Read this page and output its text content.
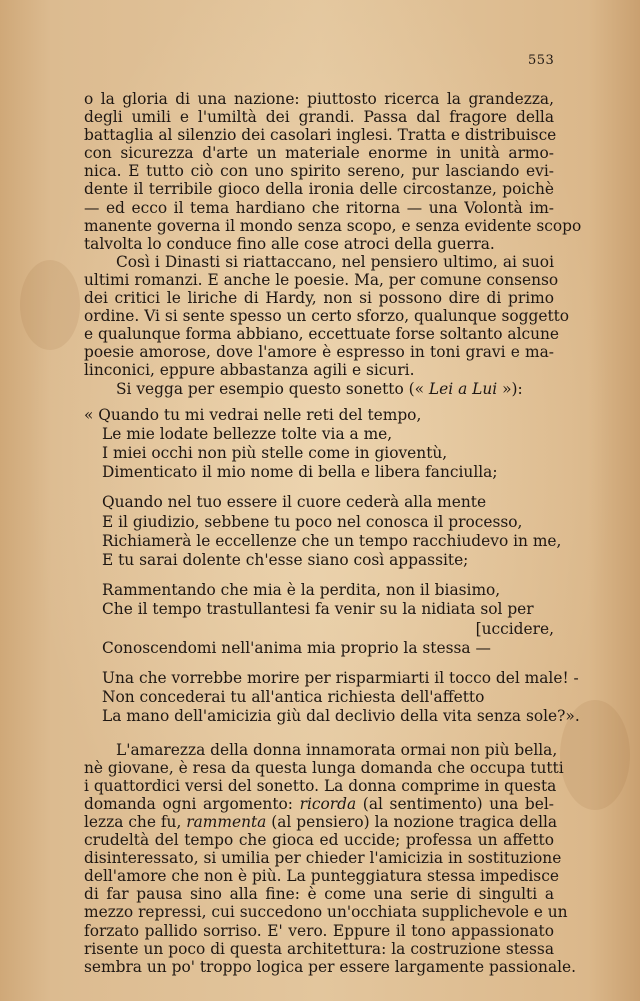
553

o la gloria di una nazione: piuttosto ricerca la grandezza,
degli umili e l'umiltà dei grandi. Passa dal fragore della
battaglia al silenzio dei casolari inglesi. Tratta e distribuisce
con sicurezza d'arte un materiale enorme in unità armo-
nica. E tutto ciò con uno spirito sereno, pur lasciando evi-
dente il terribile gioco della ironia delle circostanze, poichè
— ed ecco il tema hardiano che ritorna — una Volontà im-
manente governa il mondo senza scopo, e senza evidente scopo
talvolta lo conduce fino alle cose atroci della guerra.

Così i Dinasti si riattaccano, nel pensiero ultimo, ai suoi
ultimi romanzi. E anche le poesie. Ma, per comune consenso
dei critici le liriche di Hardy, non si possono dire di primo
ordine. Vi si sente spesso un certo sforzo, qualunque soggetto
e qualunque forma abbiano, eccettuate forse soltanto alcune
poesie amorose, dove l'amore è espresso in toni gravi e ma-
linconici, eppure abbastanza agili e sicuri.

Si vegga per esempio questo sonetto (« Lei a Lui »):

« Quando tu mi vedrai nelle reti del tempo,
Le mie lodate bellezze tolte via a me,
I miei occhi non più stelle come in gioventù,
Dimenticato il mio nome di bella e libera fanciulla;
Quando nel tuo essere il cuore cederà alla mente
E il giudizio, sebbene tu poco nel conosca il processo,
Richiamerà le eccellenze che un tempo racchiudevo in me,
E tu sarai dolente ch'esse siano così appassite;
Rammentando che mia è la perdita, non il biasimo,
Che il tempo trastullantesi fa venir su la nidiata sol per
[uccidere,
Conoscendomi nell'anima mia proprio la stessa —
Una che vorrebbe morire per risparmiarti il tocco del male! -
Non concederai tu all'antica richiesta dell'affetto
La mano dell'amicizia giù dal declivio della vita senza sole?».

L'amarezza della donna innamorata ormai non più bella,
nè giovane, è resa da questa lunga domanda che occupa tutti
i quattordici versi del sonetto. La donna comprime in questa
domanda ogni argomento: ricorda (al sentimento) una bel-
lezza che fu, rammenta (al pensiero) la nozione tragica della
crudeltà del tempo che gioca ed uccide; professa un affetto
disinteressato, si umilia per chieder l'amicizia in sostituzione
dell'amore che non è più. La punteggiatura stessa impedisce
di far pausa sino alla fine: è come una serie di singulti a
mezzo repressi, cui succedono un'occhiata supplichevole e un
forzato pallido sorriso. E' vero. Eppure il tono appassionato
risente un poco di questa architettura: la costruzione stessa
sembra un po' troppo logica per essere largamente passionale.
